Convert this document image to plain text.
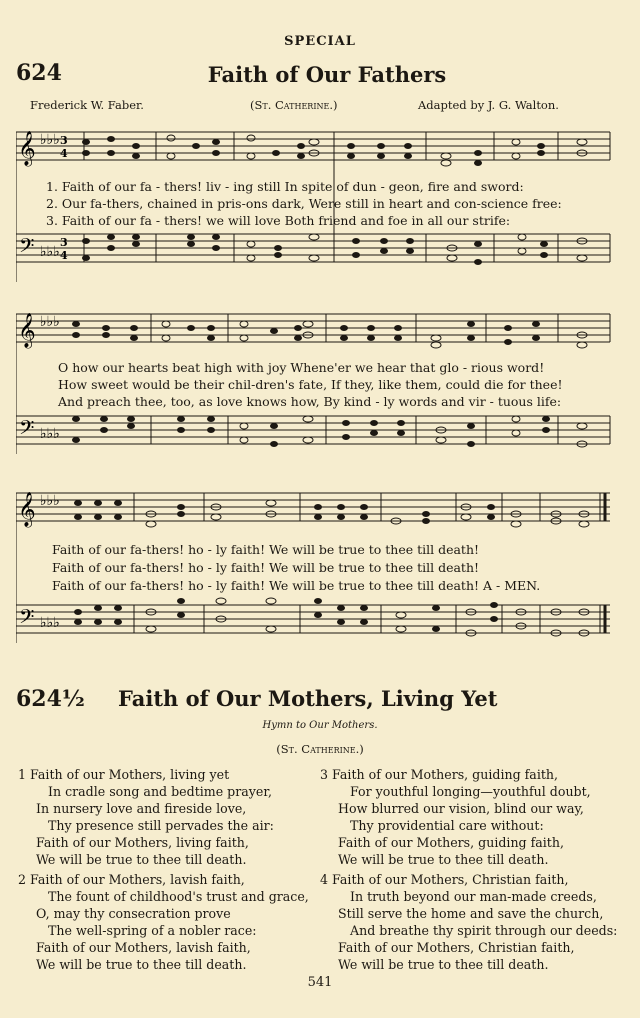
SPECIAL
624	Faith of Our Fathers
Frederick W. Faber.	(St. Catherine.)	Adapted by J. G. Walton.
𝄞 ♭♭♭ 3
4
𝄢 ♭♭♭
3
4
1. Faith of our fa - thers! liv - ing still In spite of dun - geon, fire and sword:
2. Our fa-thers, chained in pris-ons dark, Were still in heart and con-science free:
3. Faith of our fa - thers! we will love Both friend and foe in all our strife:
𝄞 ♭♭♭
𝄢 ♭♭♭
O how our hearts beat high with joy Whene'er we hear that glo - rious word!
How sweet would be their chil-dren's fate, If they, like them, could die for thee!
And preach thee, too, as love knows how, By kind - ly words and vir - tuous life:
𝄞 ♭♭♭
𝄢 ♭♭♭
Faith of our fa-thers! ho - ly faith! We will be true to thee till death!
Faith of our fa-thers! ho - ly faith! We will be true to thee till death!
Faith of our fa-thers! ho - ly faith! We will be true to thee till death! A - MEN.
624½ Faith of Our Mothers, Living Yet
Hymn to Our Mothers.
(St. Catherine.)
1 Faith of our Mothers, living yet
In cradle song and bedtime prayer,
In nursery love and fireside love,
Thy presence still pervades the air:
Faith of our Mothers, living faith,
We will be true to thee till death.
2 Faith of our Mothers, lavish faith,
The fount of childhood's trust and grace,
O, may thy consecration prove
The well-spring of a nobler race:
Faith of our Mothers, lavish faith,
We will be true to thee till death.
3 Faith of our Mothers, guiding faith,
For youthful longing—youthful doubt,
How blurred our vision, blind our way,
Thy providential care without:
Faith of our Mothers, guiding faith,
We will be true to thee till death.
4 Faith of our Mothers, Christian faith,
In truth beyond our man-made creeds,
Still serve the home and save the church,
And breathe thy spirit through our deeds:
Faith of our Mothers, Christian faith,
We will be true to thee till death.
541
